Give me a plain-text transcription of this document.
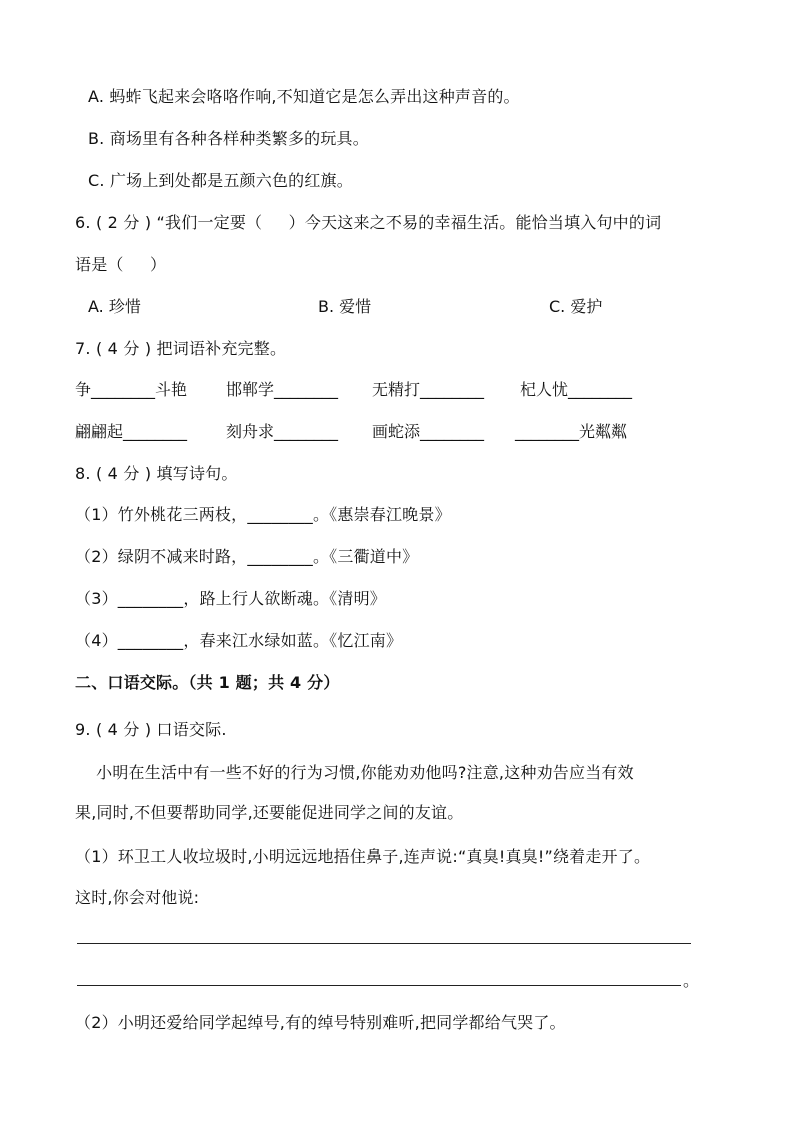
A. 蚂蚱飞起来会咯咯作响,不知道它是怎么弄出这种声音的。
B. 商场里有各种各样种类繁多的玩具。
C. 广场上到处都是五颜六色的红旗。
6. ( 2 分 ) “我们一定要（     ）今天这来之不易的幸福生活。能恰当填入句中的词
语是（     ）
A. 珍惜	B. 爱惜	C. 爱护
7. ( 4 分 ) 把词语补充完整。
争________斗艳 邯郸学________ 无精打________ 杞人忧________
翩翩起________ 刻舟求________ 画蛇添________ ________光粼粼
8. ( 4 分 ) 填写诗句。
（1）竹外桃花三两枝，________。《惠崇春江晚景》
（2）绿阴不减来时路，________。《三衢道中》
（3）________，路上行人欲断魂。《清明》
（4）________，春来江水绿如蓝。《忆江南》
二、口语交际。（共 1 题；共 4 分）
9. ( 4 分 ) 口语交际.
小明在生活中有一些不好的行为习惯,你能劝劝他吗?注意,这种劝告应当有效
果,同时,不但要帮助同学,还要能促进同学之间的友谊。
（1）环卫工人收垃圾时,小明远远地捂住鼻子,连声说:“真臭!真臭!”绕着走开了。
这时,你会对他说:
。
（2）小明还爱给同学起绰号,有的绰号特别难听,把同学都给气哭了。
